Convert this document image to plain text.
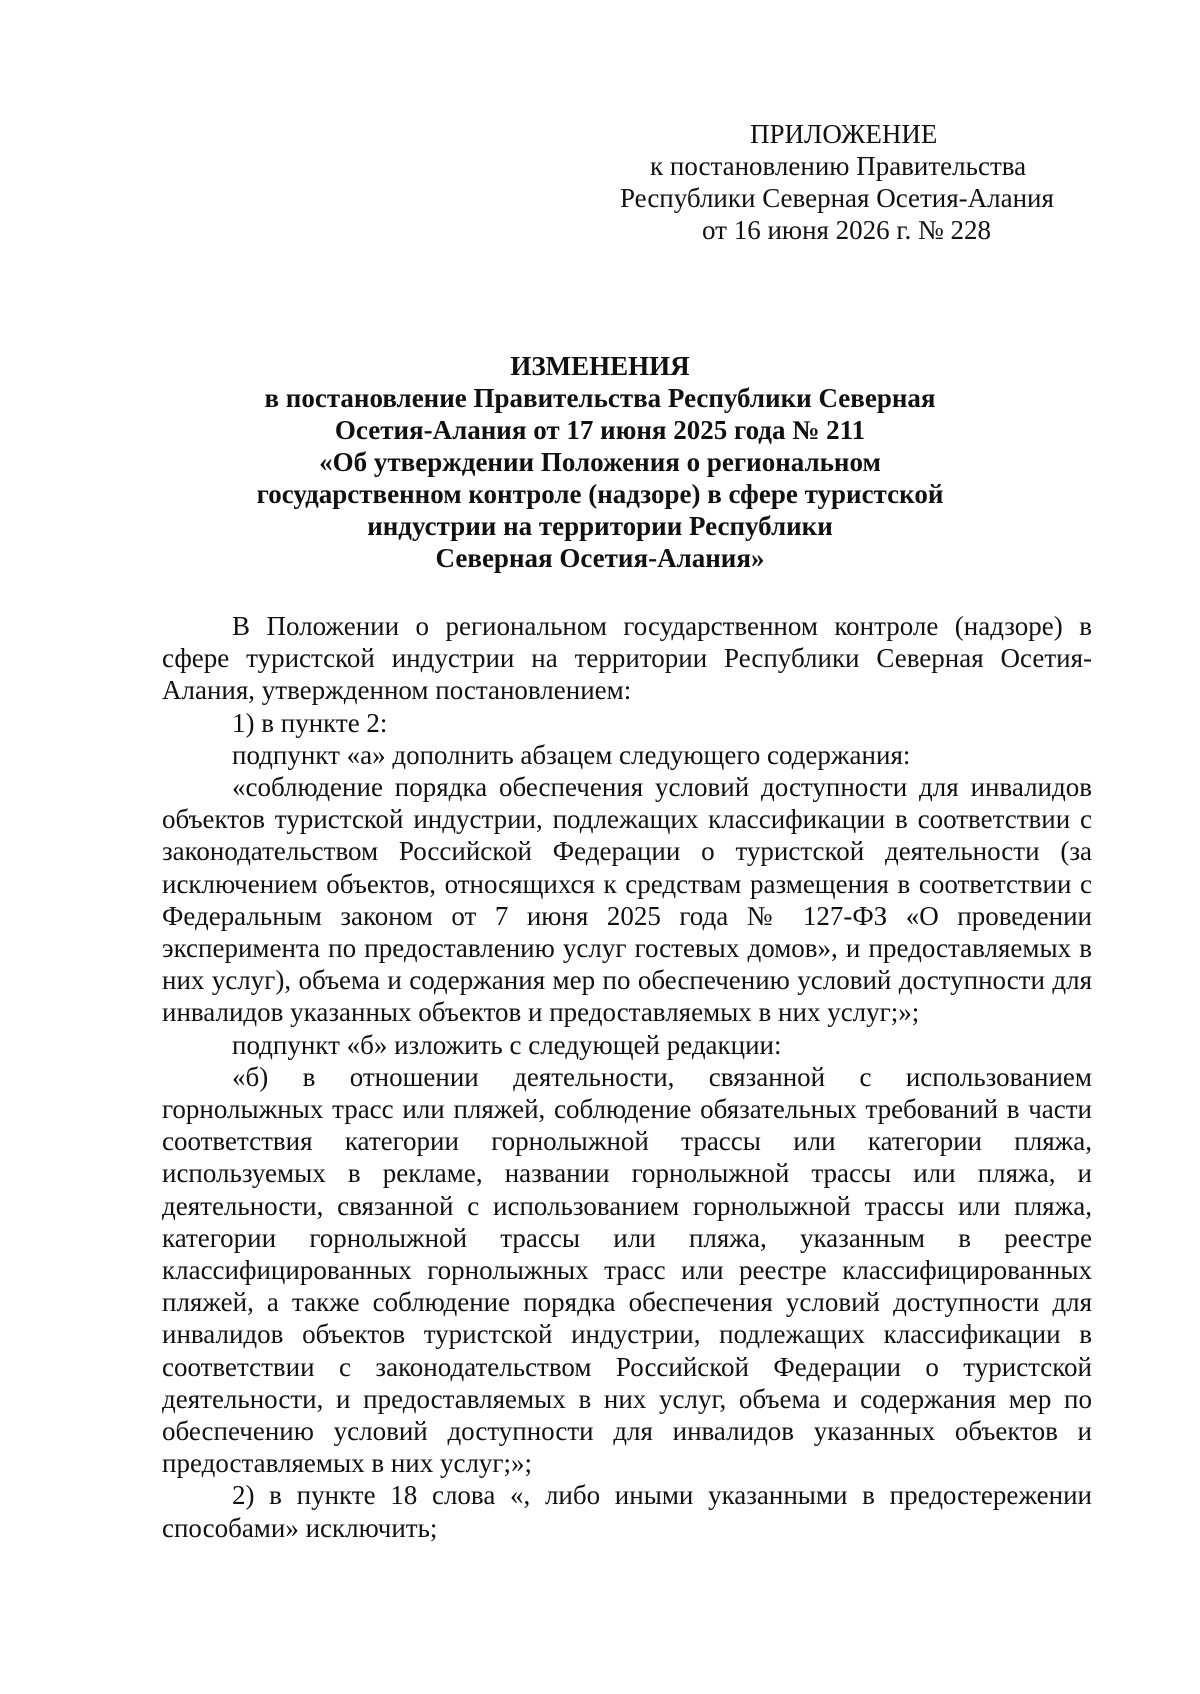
ПРИЛОЖЕНИЕ
к постановлению Правительства
Республики Северная Осетия-Алания
от 16 июня 2026 г. № 228
ИЗМЕНЕНИЯ
в постановление Правительства Республики Северная
Осетия-Алания от 17 июня 2025 года № 211
«Об утверждении Положения о региональном
государственном контроле (надзоре) в сфере туристской
индустрии на территории Республики
Северная Осетия-Алания»

В Положении о региональном государственном контроле (надзоре) в сфере туристской индустрии на территории Республики Северная Осетия-Алания, утвержденном постановлением:

1) в пункте 2:

подпункт «а» дополнить абзацем следующего содержания:

«соблюдение порядка обеспечения условий доступности для инвалидов объектов туристской индустрии, подлежащих классификации в соответствии с законодательством Российской Федерации о туристской деятельности (за исключением объектов, относящихся к средствам размещения в соответствии с Федеральным законом от 7 июня 2025 года № 127-ФЗ «О проведении эксперимента по предоставлению услуг гостевых домов», и предоставляемых в них услуг), объема и содержания мер по обеспечению условий доступности для инвалидов указанных объектов и предоставляемых в них услуг;»;

подпункт «б» изложить с следующей редакции:

«б) в отношении деятельности, связанной с использованием горнолыжных трасс или пляжей, соблюдение обязательных требований в части соответствия категории горнолыжной трассы или категории пляжа, используемых в рекламе, названии горнолыжной трассы или пляжа, и деятельности, связанной с использованием горнолыжной трассы или пляжа, категории горнолыжной трассы или пляжа, указанным в реестре классифицированных горнолыжных трасс или реестре классифицированных пляжей, а также соблюдение порядка обеспечения условий доступности для инвалидов объектов туристской индустрии, подлежащих классификации в соответствии с законодательством Российской Федерации о туристской деятельности, и предоставляемых в них услуг, объема и содержания мер по обеспечению условий доступности для инвалидов указанных объектов и предоставляемых в них услуг;»;

2) в пункте 18 слова «, либо иными указанными в предостережении способами» исключить;
